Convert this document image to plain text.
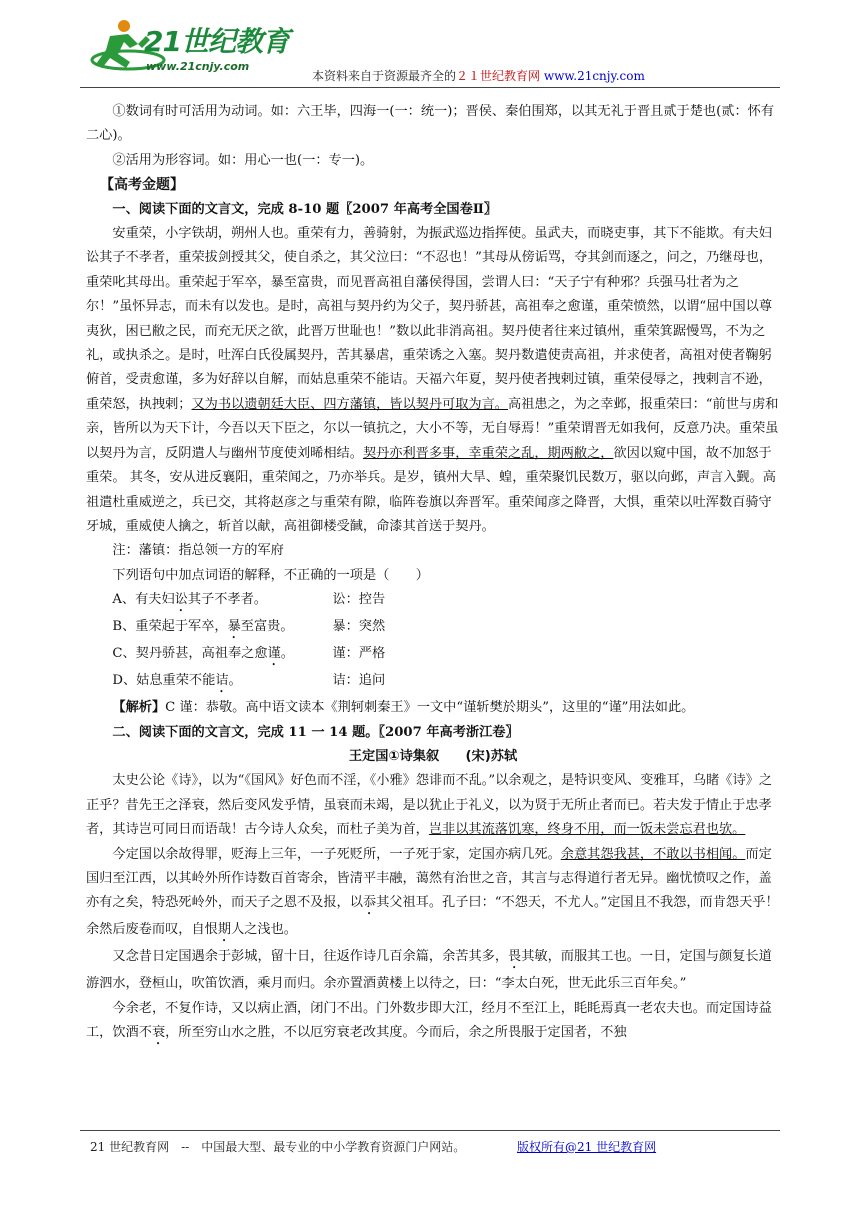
21世纪教育
www.21cnjy.com
本资料来自于资源最齐全的２１世纪教育网 www.21cnjy.com

①数词有时可活用为动词。如：六王毕，四海一(一：统一)；晋侯、秦伯围郑，以其无礼于晋且贰于楚也(贰：怀有二心)。

②活用为形容词。如：用心一也(一：专一)。

【高考金题】

一、阅读下面的文言文，完成 8-10 题〖2007 年高考全国卷Ⅱ〗

安重荣，小字铁胡，朔州人也。重荣有力，善骑射，为振武巡边指挥使。虽武夫，而晓吏事，其下不能欺。有夫妇讼其子不孝者，重荣拔剑授其父，使自杀之，其父泣曰：“不忍也！”其母从傍诟骂，夺其剑而逐之，问之，乃继母也，重荣叱其母出。重荣起于军卒，暴至富贵，而见晋高祖自藩侯得国，尝谓人曰：“天子宁有种邪？兵强马壮者为之尔！”虽怀异志，而未有以发也。是时，高祖与契丹约为父子，契丹骄甚，高祖奉之愈谨，重荣愤然，以谓“屈中国以尊夷狄，困已敝之民，而充无厌之欲，此晋万世耻也！”数以此非消高祖。契丹使者往来过镇州，重荣箕踞慢骂，不为之礼，或执杀之。是时，吐浑白氏役属契丹，苦其暴虐，重荣诱之入塞。契丹数遣使责高祖，并求使者，高祖对使者鞠躬俯首，受责愈谨，多为好辞以自解，而姑息重荣不能诘。天福六年夏，契丹使者拽剌过镇，重荣侵辱之，拽剌言不逊，重荣怒，执拽剌；又为书以遗朝廷大臣、四方藩镇，皆以契丹可取为言。高祖患之，为之幸邺，报重荣曰：“前世与虏和亲，皆所以为天下计，今吾以天下臣之，尔以一镇抗之，大小不等，无自辱焉！”重荣谓晋无如我何，反意乃决。重荣虽以契丹为言，反阴遣人与幽州节度使刘晞相结。契丹亦利晋多事，幸重荣之乱，期两敝之，欲因以窥中国，故不加怒于重荣。 其冬，安从进反襄阳，重荣闻之，乃亦举兵。是岁，镇州大旱、蝗，重荣聚饥民数万，驱以向邺，声言入觐。高祖遣杜重威逆之，兵已交，其将赵彦之与重荣有隙，临阵卷旗以奔晋军。重荣闻彦之降晋，大惧，重荣以吐浑数百骑守牙城，重威使人擒之，斩首以献，高祖御楼受馘，命漆其首送于契丹。

注：藩镇：指总领一方的军府

下列语句中加点词语的解释，不正确的一项是（　　）

A、有夫妇讼其子不孝者。	讼：控告
B、重荣起于军卒，暴至富贵。	暴：突然
C、契丹骄甚，高祖奉之愈谨。	谨：严格
D、姑息重荣不能诘。	诘：追问

【解析】C 谨：恭敬。高中语文读本《荆轲刺秦王》一文中“谨斩樊於期头”，这里的“谨”用法如此。

二、阅读下面的文言文，完成 11 一 14 题。〖2007 年高考浙江卷〗

王定国①诗集叙　　(宋)苏轼

太史公论《诗》，以为“《国风》好色而不淫，《小雅》怨诽而不乱。”以余观之，是特识变风、变雅耳，乌睹《诗》之正乎？昔先王之泽衰，然后变风发乎情，虽衰而未竭，是以犹止于礼义，以为贤于无所止者而已。若夫发于情止于忠孝者，其诗岂可同日而语哉！古今诗人众矣，而杜子美为首，岂非以其流落饥寒，终身不用，而一饭未尝忘君也欤。

今定国以余故得罪，贬海上三年，一子死贬所，一子死于家，定国亦病几死。余意其怨我甚，不敢以书相闻。而定国归至江西，以其岭外所作诗数百首寄余，皆清平丰融，蔼然有治世之音，其言与志得道行者无异。幽忧愤叹之作，盖亦有之矣，特恐死岭外，而天子之恩不及报，以忝其父祖耳。孔子曰：“不怨天，不尤人。”定国且不我怨，而肯怨天乎！余然后废卷而叹，自恨期人之浅也。

又念昔日定国遇余于彭城，留十日，往返作诗几百余篇，余苦其多，畏其敏，而服其工也。一日，定国与颜复长道游泗水，登桓山，吹笛饮酒，乘月而归。余亦置酒黄楼上以待之，曰：“李太白死，世无此乐三百年矣。”

今余老，不复作诗，又以病止酒，闭门不出。门外数步即大江，经月不至江上，眊眊焉真一老农夫也。而定国诗益工，饮酒不衰，所至穷山水之胜，不以厄穷衰老改其度。今而后，余之所畏服于定国者，不独

21 世纪教育网　--　中国最大型、最专业的中小学教育资源门户网站。	版权所有@21 世纪教育网
